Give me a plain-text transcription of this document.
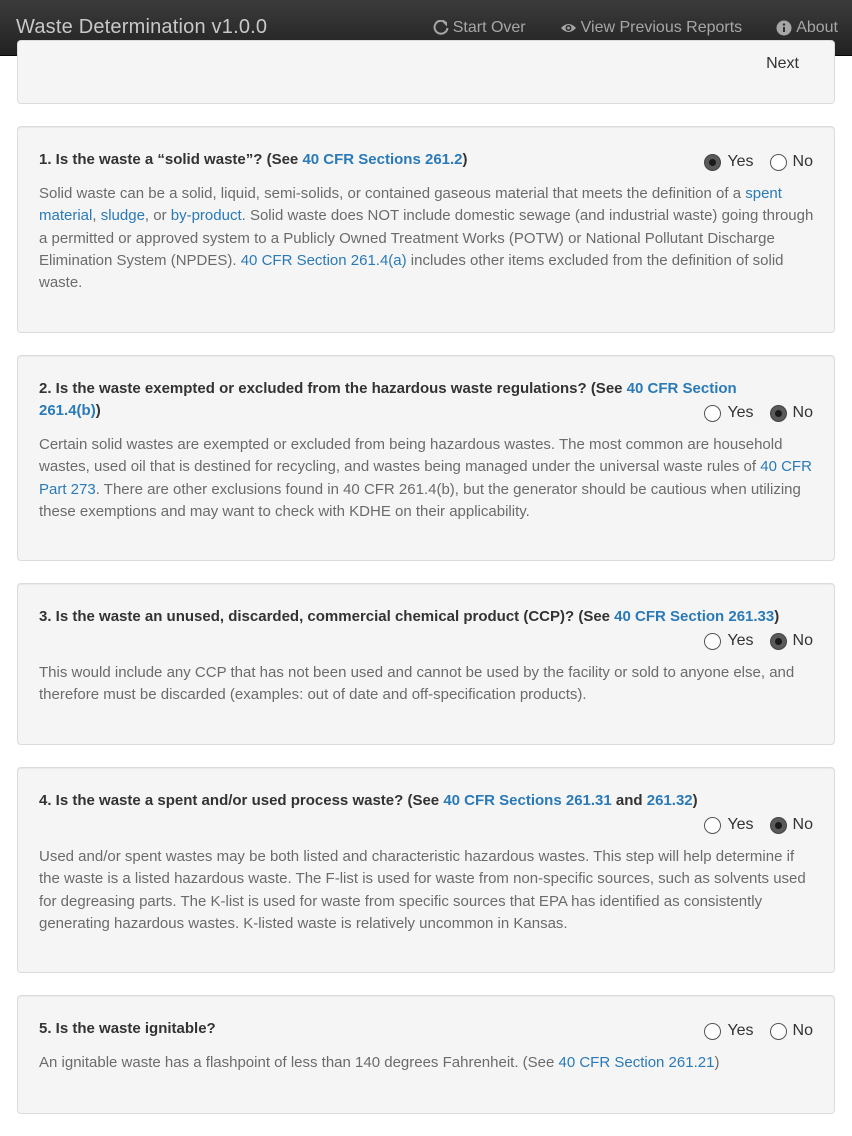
Waste Determination v1.0.0	Start Over	View Previous Reports	About
Next
1. Is the waste a “solid waste”? (See 40 CFR Sections 261.2)	Yes No
Solid waste can be a solid, liquid, semi-solids, or contained gaseous material that meets the definition of a spent material, sludge, or by-product. Solid waste does NOT include domestic sewage (and industrial waste) going through a permitted or approved system to a Publicly Owned Treatment Works (POTW) or National Pollutant Discharge Elimination System (NPDES). 40 CFR Section 261.4(a) includes other items excluded from the definition of solid waste.
2. Is the waste exempted or excluded from the hazardous waste regulations? (See 40 CFR Section 261.4(b))	Yes No
Certain solid wastes are exempted or excluded from being hazardous wastes. The most common are household wastes, used oil that is destined for recycling, and wastes being managed under the universal waste rules of 40 CFR Part 273. There are other exclusions found in 40 CFR 261.4(b), but the generator should be cautious when utilizing these exemptions and may want to check with KDHE on their applicability.
3. Is the waste an unused, discarded, commercial chemical product (CCP)? (See 40 CFR Section 261.33)
Yes No
This would include any CCP that has not been used and cannot be used by the facility or sold to anyone else, and therefore must be discarded (examples: out of date and off-specification products).
4. Is the waste a spent and/or used process waste? (See 40 CFR Sections 261.31 and 261.32)
Yes No
Used and/or spent wastes may be both listed and characteristic hazardous wastes. This step will help determine if the waste is a listed hazardous waste. The F-list is used for waste from non-specific sources, such as solvents used for degreasing parts. The K-list is used for waste from specific sources that EPA has identified as consistently generating hazardous wastes. K-listed waste is relatively uncommon in Kansas.
5. Is the waste ignitable?	Yes No
An ignitable waste has a flashpoint of less than 140 degrees Fahrenheit. (See 40 CFR Section 261.21)
